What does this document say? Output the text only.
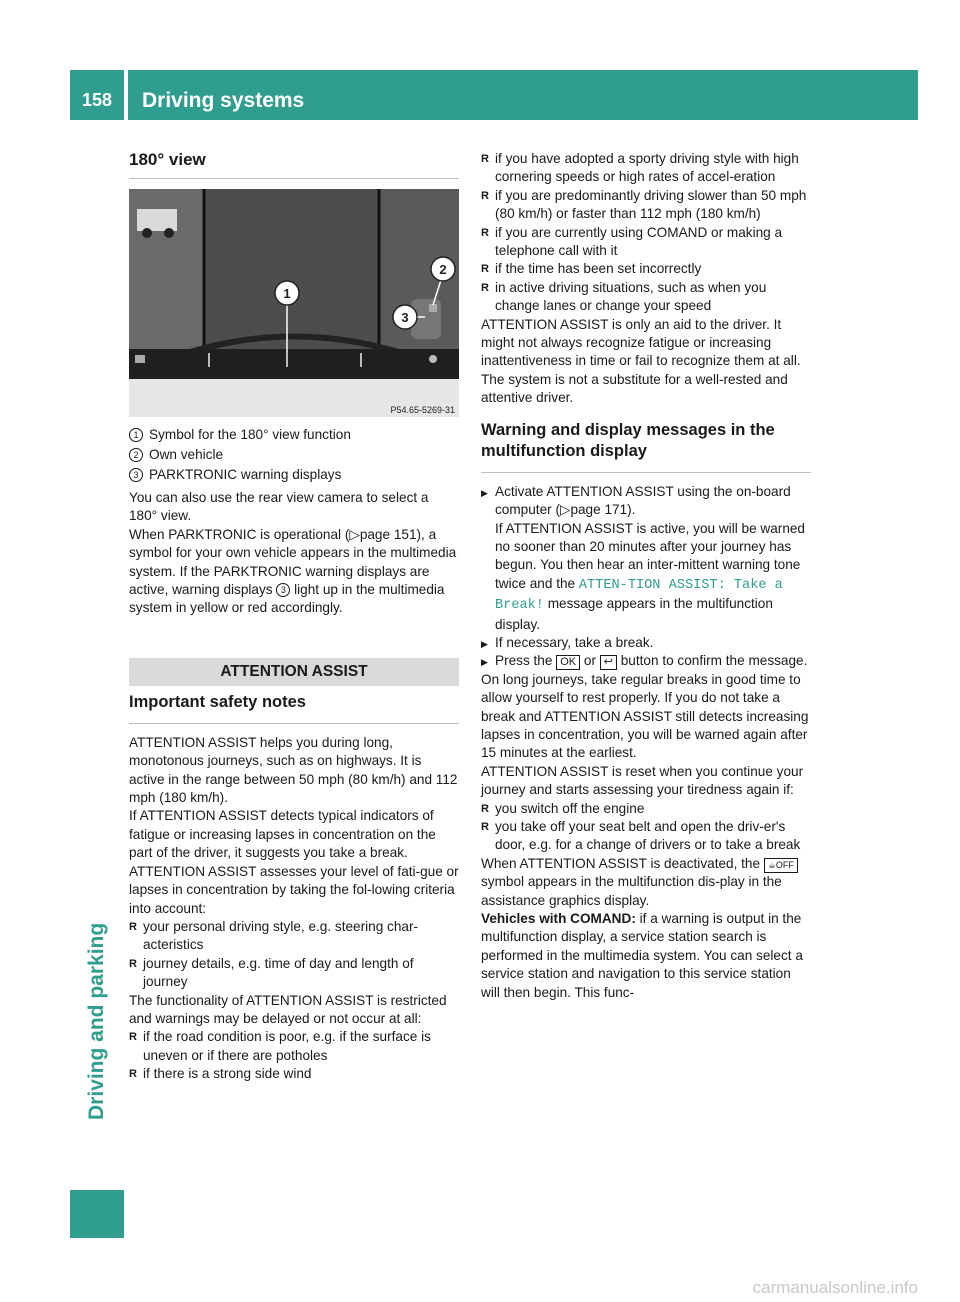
158	Driving systems
Driving and parking
180° view
1
2
3
P54.65-5269-31
1 Symbol for the 180° view function
2 Own vehicle
3 PARKTRONIC warning displays

You can also use the rear view camera to select a 180° view.

When PARKTRONIC is operational (▷page 151), a symbol for your own vehicle appears in the multimedia system. If the PARKTRONIC warning displays are active, warning displays 3 light up in the multimedia system in yellow or red accordingly.

ATTENTION ASSIST
Important safety notes

ATTENTION ASSIST helps you during long, monotonous journeys, such as on highways. It is active in the range between 50 mph (80 km/h) and 112 mph (180 km/h).

If ATTENTION ASSIST detects typical indicators of fatigue or increasing lapses in concentration on the part of the driver, it suggests you take a break.

ATTENTION ASSIST assesses your level of fati-gue or lapses in concentration by taking the fol-lowing criteria into account:

R your personal driving style, e.g. steering char-acteristics
R journey details, e.g. time of day and length of journey

The functionality of ATTENTION ASSIST is restricted and warnings may be delayed or not occur at all:

R if the road condition is poor, e.g. if the surface is uneven or if there are potholes
R if there is a strong side wind
R if you have adopted a sporty driving style with high cornering speeds or high rates of accel-eration
R if you are predominantly driving slower than 50 mph (80 km/h) or faster than 112 mph (180 km/h)
R if you are currently using COMAND or making a telephone call with it
R if the time has been set incorrectly
R in active driving situations, such as when you change lanes or change your speed

ATTENTION ASSIST is only an aid to the driver. It might not always recognize fatigue or increasing inattentiveness in time or fail to recognize them at all. The system is not a substitute for a well-rested and attentive driver.

Warning and display messages in the multifunction display
▶ Activate ATTENTION ASSIST using the on-board computer (▷page 171).
If ATTENTION ASSIST is active, you will be warned no sooner than 20 minutes after your journey has begun. You then hear an inter-mittent warning tone twice and the ATTEN‐TION ASSIST: Take a Break! message appears in the multifunction display.
▶ If necessary, take a break.
▶ Press the OK or ↩ button to confirm the message.

On long journeys, take regular breaks in good time to allow yourself to rest properly. If you do not take a break and ATTENTION ASSIST still detects increasing lapses in concentration, you will be warned again after 15 minutes at the earliest.

ATTENTION ASSIST is reset when you continue your journey and starts assessing your tiredness again if:

R you switch off the engine
R you take off your seat belt and open the driv-er's door, e.g. for a change of drivers or to take a break

When ATTENTION ASSIST is deactivated, the ☕OFF symbol appears in the multifunction dis-play in the assistance graphics display.

Vehicles with COMAND: if a warning is output in the multifunction display, a service station search is performed in the multimedia system. You can select a service station and navigation to this service station will then begin. This func-

carmanualsonline.info
